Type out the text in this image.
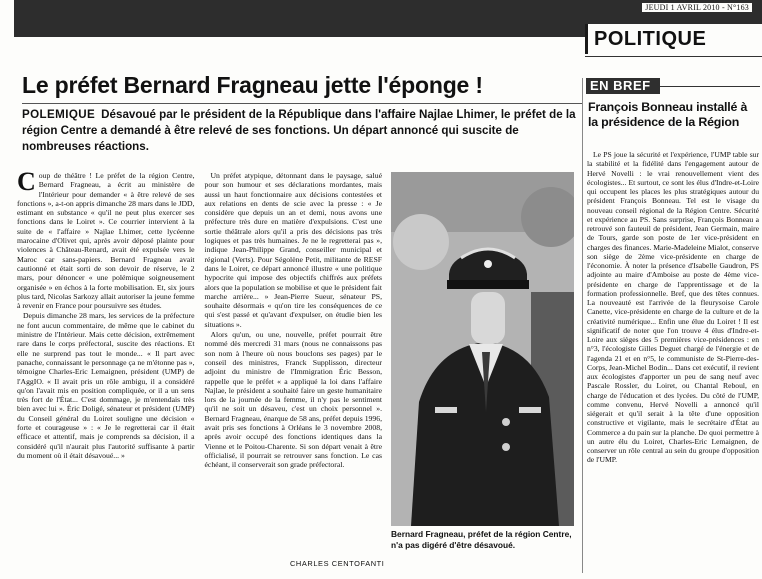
JEUDI 1 AVRIL 2010 - N°163
POLITIQUE
Le préfet Bernard Fragneau jette l'éponge !
POLEMIQUE Désavoué par le président de la République dans l'affaire Najlae Lhimer, le préfet de la région Centre a demandé à être relevé de ses fonctions. Un départ annoncé qui suscite de nombreuses réactions.

Coup de théâtre ! Le préfet de la région Centre, Bernard Fragneau, a écrit au ministère de l'Intérieur pour demander « à être relevé de ses fonctions », a-t-on appris dimanche 28 mars dans le JDD, estimant en substance « qu'il ne peut plus exercer ses fonctions dans le Loiret ». Ce courrier intervient à la suite de « l'affaire » Najlae Lhimer, cette lycéenne marocaine d'Olivet qui, après avoir déposé plainte pour violences à Château-Renard, avait été expulsée vers le Maroc car sans-papiers. Bernard Fragneau avait cautionné et était sorti de son devoir de réserve, le 2 mars, pour dénoncer « une polémique soigneusement organisée » en échos à la forte mobilisation. Et, six jours plus tard, Nicolas Sarkozy allait autoriser la jeune femme à revenir en France pour poursuivre ses études.

Depuis dimanche 28 mars, les services de la préfecture ne font aucun commentaire, de même que le cabinet du ministre de l'Intérieur. Mais cette décision, extrêmement rare dans le corps préfectoral, suscite des réactions. Et elle ne surprend pas tout le monde... « Il part avec panache, connaissant le personnage ça ne m'étonne pas », témoigne Charles-Eric Lemaignen, président (UMP) de l'AggIO. « Il avait pris un rôle ambigu, il a considéré qu'on l'avait mis en position compliquée, or il a un sens très fort de l'État... C'est dommage, je m'entendais très bien avec lui ». Éric Doligé, sénateur et président (UMP) du Conseil général du Loiret souligne une décision « forte et courageuse » : « Je le regretterai car il était efficace et attentif, mais je comprends sa décision, il a considéré qu'il n'aurait plus l'autorité suffisante à partir du moment où il était désavoué... »

Un préfet atypique, détonnant dans le paysage, salué pour son humour et ses déclarations mordantes, mais aussi un haut fonctionnaire aux décisions contestées et aux relations en dents de scie avec la presse : « Je considère que depuis un an et demi, nous avons une préfecture très dure en matière d'expulsions. C'est une sortie théâtrale alors qu'il a pris des décisions pas très logiques et pas très humaines. Je ne le regretterai pas », indique Jean-Philippe Grand, conseiller municipal et régional (Verts). Pour Ségolène Petit, militante de RESF dans le Loiret, ce départ annoncé illustre « une politique hypocrite qui impose des objectifs chiffrés aux préfets alors que la population se mobilise et que le président fait marche arrière... » Jean-Pierre Sueur, sénateur PS, souhaite désormais « qu'on tire les conséquences de ce qui s'est passé et qu'avant d'expulser, on étudie bien les situations ».

Alors qu'un, ou une, nouvelle, préfet pourrait être nommé dès mercredi 31 mars (nous ne connaissons pas son nom à l'heure où nous bouclons ses pages) par le conseil des ministres, Franck Supplisson, directeur adjoint du ministre de l'Immigration Éric Besson, rappelle que le préfet « a appliqué la loi dans l'affaire Najlae, le président a souhaité faire un geste humanitaire lors de la journée de la femme, il n'y pas le sentiment qu'il ne soit un désaveu, c'est un choix personnel ». Bernard Fragneau, énarque de 58 ans, préfet depuis 1996, avait pris ses fonctions à Orléans le 3 novembre 2008, après avoir occupé des fonctions identiques dans la Vienne et le Poitou-Charente. Si son départ venait à être officialisé, il pourrait se retrouver sans fonction. Le cas échéant, il conserverait son grade préfectoral.

Bernard Fragneau, préfet de la région Centre, n'a pas digéré d'être désavoué.
CHARLES CENTOFANTI
EN BREF
François Bonneau installé à la présidence de la Région

Le PS joue la sécurité et l'expérience, l'UMP table sur la stabilité et la fidélité dans l'engagement autour de Hervé Novelli : le vrai renouvellement vient des écologistes... Et surtout, ce sont les élus d'Indre-et-Loire qui occupent les places les plus stratégiques autour du président François Bonneau. Tel est le visage du nouveau conseil régional de la Région Centre. Sécurité et expérience au PS. Sans surprise, François Bonneau a retrouvé son fauteuil de président, Jean Germain, maire de Tours, garde son poste de 1er vice-président en charges des finances. Marie-Madeleine Mialot, conserve son siège de 2ème vice-présidente en charge de l'économie. À noter la présence d'Isabelle Gaudron, PS adjointe au maire d'Amboise au poste de 4ème vice-présidente en charge de l'apprentissage et de la formation professionnelle. Bref, que des têtes connues. La nouveauté est l'arrivée de la fleurysoise Carole Canette, vice-présidente en charge de la culture et de la créativité numérique... Enfin une élue du Loiret ! Il est significatif de noter que l'on trouve 4 élus d'Indre-et-Loire aux sièges des 5 premières vice-présidences : en n°3, l'écologiste Gilles Deguet chargé de l'énergie et de l'agenda 21 et en n°5, le communiste de St-Pierre-des-Corps, Jean-Michel Bodin... Dans cet exécutif, il revient aux écologistes d'apporter un peu de sang neuf avec Pascale Rossler, du Loiret, ou Chantal Reboul, en charge de l'éducation et des lycées. Du côté de l'UMP, comme convenu, Hervé Novelli a annoncé qu'il siégerait et qu'il serait à la tête d'une opposition constructive et vigilante, mais le secrétaire d'État au Commerce a du pain sur la planche. De quoi permettre à un autre élu du Loiret, Charles-Eric Lemaignen, de conserver un rôle central au sein du groupe d'opposition de l'UMP.
